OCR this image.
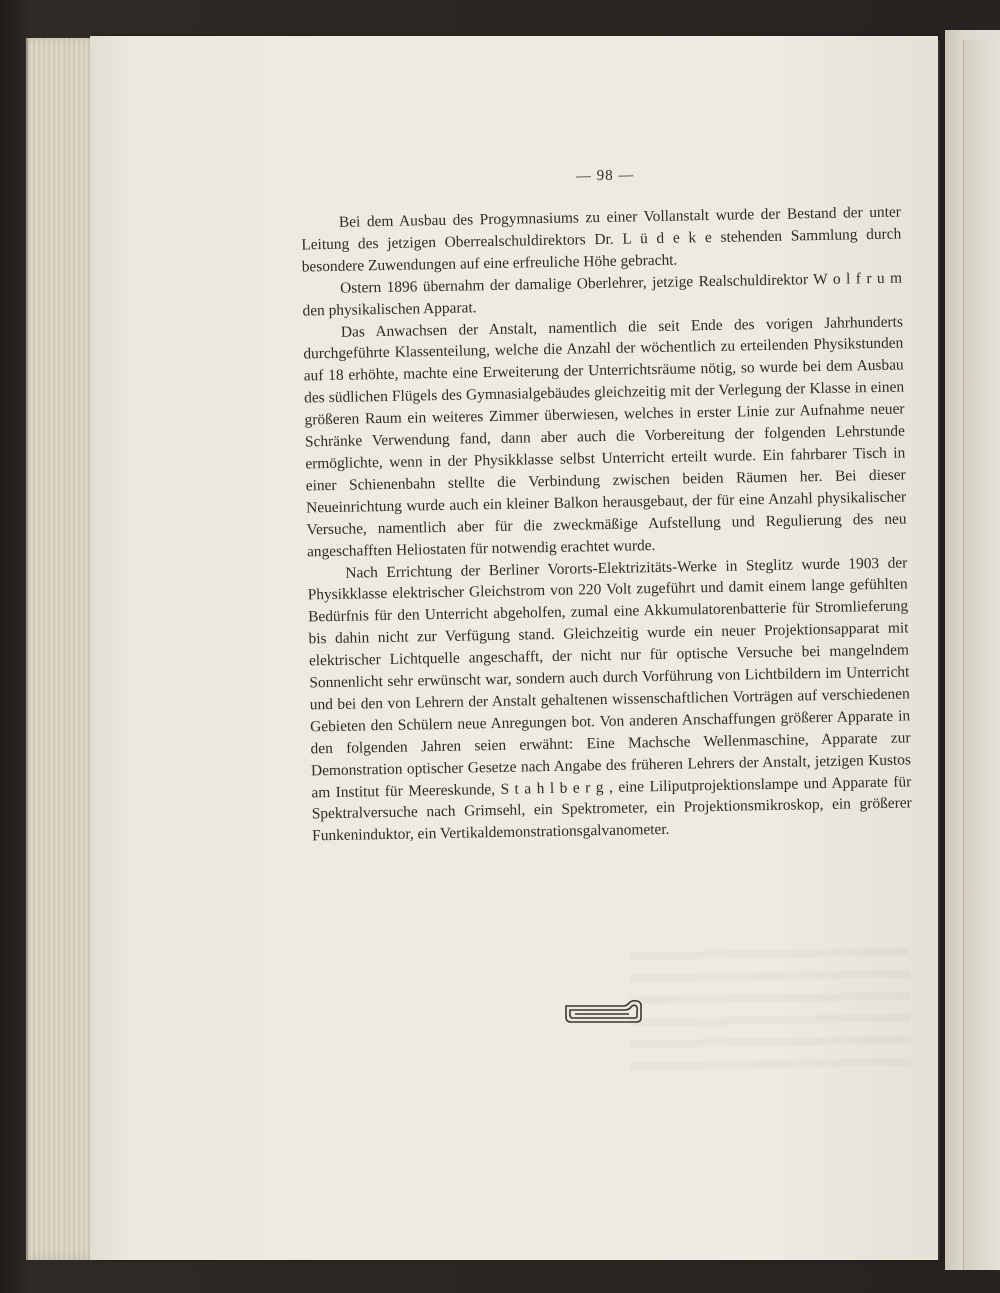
— 98 —

Bei dem Ausbau des Progymnasiums zu einer Vollanstalt wurde der Bestand der unter Leitung des jetzigen Oberrealschuldirektors Dr. L ü d e k e stehenden Sammlung durch besondere Zuwendungen auf eine erfreuliche Höhe gebracht.

Ostern 1896 übernahm der damalige Oberlehrer, jetzige Realschuldirektor W o l f r u m den physikalischen Apparat.

Das Anwachsen der Anstalt, namentlich die seit Ende des vorigen Jahrhunderts durchgeführte Klassenteilung, welche die Anzahl der wöchentlich zu erteilenden Physikstunden auf 18 erhöhte, machte eine Erweiterung der Unterrichtsräume nötig, so wurde bei dem Ausbau des südlichen Flügels des Gymnasialgebäudes gleichzeitig mit der Verlegung der Klasse in einen größeren Raum ein weiteres Zimmer überwiesen, welches in erster Linie zur Aufnahme neuer Schränke Verwendung fand, dann aber auch die Vorbereitung der folgenden Lehrstunde ermöglichte, wenn in der Physikklasse selbst Unterricht erteilt wurde. Ein fahrbarer Tisch in einer Schienenbahn stellte die Verbindung zwischen beiden Räumen her. Bei dieser Neueinrichtung wurde auch ein kleiner Balkon herausgebaut, der für eine Anzahl physikalischer Versuche, namentlich aber für die zweckmäßige Aufstellung und Regulierung des neu angeschafften Heliostaten für notwendig erachtet wurde.

Nach Errichtung der Berliner Vororts-Elektrizitäts-Werke in Steglitz wurde 1903 der Physikklasse elektrischer Gleichstrom von 220 Volt zugeführt und damit einem lange gefühlten Bedürfnis für den Unterricht abgeholfen, zumal eine Akkumulatorenbatterie für Stromlieferung bis dahin nicht zur Verfügung stand. Gleichzeitig wurde ein neuer Projektionsapparat mit elektrischer Lichtquelle angeschafft, der nicht nur für optische Versuche bei mangelndem Sonnenlicht sehr erwünscht war, sondern auch durch Vorführung von Lichtbildern im Unterricht und bei den von Lehrern der Anstalt gehaltenen wissenschaftlichen Vorträgen auf verschiedenen Gebieten den Schülern neue Anregungen bot. Von anderen Anschaffungen größerer Apparate in den folgenden Jahren seien erwähnt: Eine Machsche Wellenmaschine, Apparate zur Demonstration optischer Gesetze nach Angabe des früheren Lehrers der Anstalt, jetzigen Kustos am Institut für Meereskunde, S t a h l b e r g , eine Liliputprojektionslampe und Apparate für Spektralversuche nach Grimsehl, ein Spektrometer, ein Projektionsmikroskop, ein größerer Funkeninduktor, ein Vertikaldemonstrationsgalvanometer.
